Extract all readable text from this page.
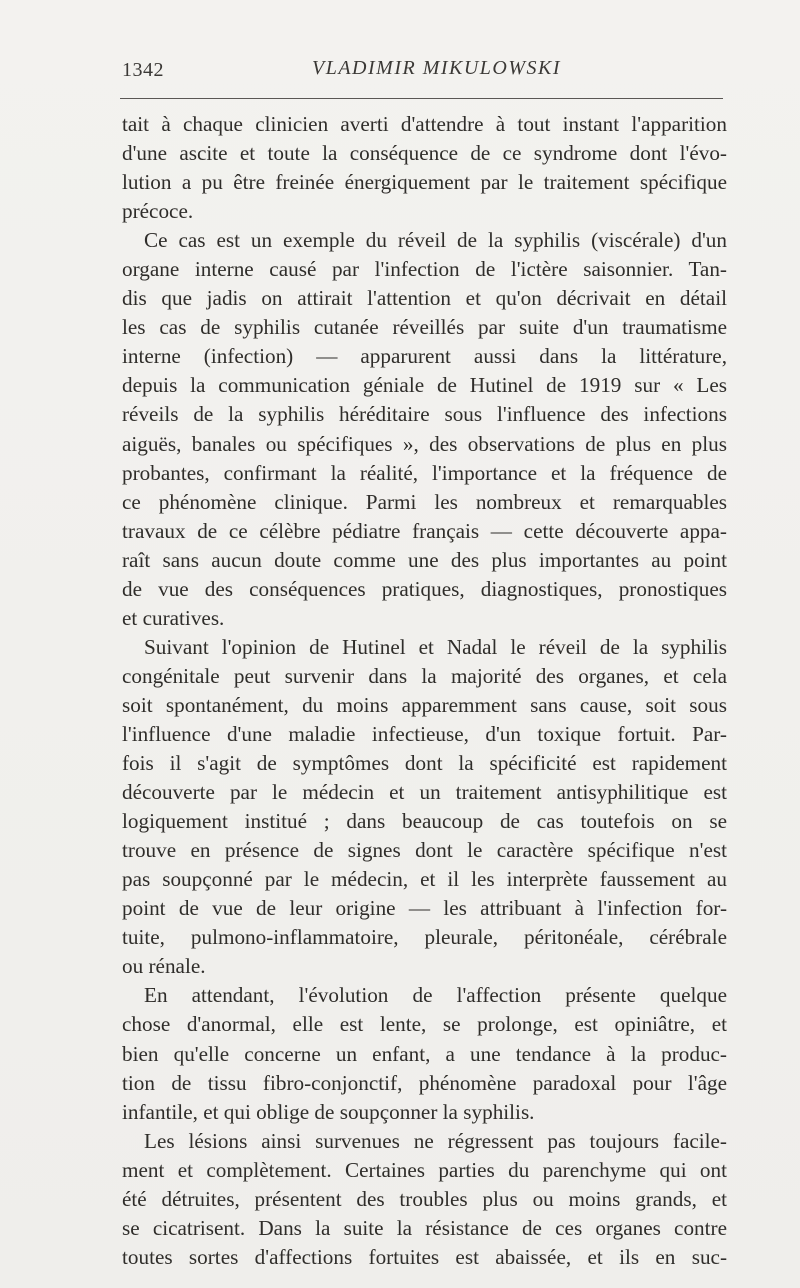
1342	VLADIMIR MIKULOWSKI
tait à chaque clinicien averti d'attendre à tout instant l'apparition
d'une ascite et toute la conséquence de ce syndrome dont l'évo-
lution a pu être freinée énergiquement par le traitement spécifique
précoce.
Ce cas est un exemple du réveil de la syphilis (viscérale) d'un
organe interne causé par l'infection de l'ictère saisonnier. Tan-
dis que jadis on attirait l'attention et qu'on décrivait en détail
les cas de syphilis cutanée réveillés par suite d'un traumatisme
interne (infection) — apparurent aussi dans la littérature,
depuis la communication géniale de Hutinel de 1919 sur « Les
réveils de la syphilis héréditaire sous l'influence des infections
aiguës, banales ou spécifiques », des observations de plus en plus
probantes, confirmant la réalité, l'importance et la fréquence de
ce phénomène clinique. Parmi les nombreux et remarquables
travaux de ce célèbre pédiatre français — cette découverte appa-
raît sans aucun doute comme une des plus importantes au point
de vue des conséquences pratiques, diagnostiques, pronostiques
et curatives.
Suivant l'opinion de Hutinel et Nadal le réveil de la syphilis
congénitale peut survenir dans la majorité des organes, et cela
soit spontanément, du moins apparemment sans cause, soit sous
l'influence d'une maladie infectieuse, d'un toxique fortuit. Par-
fois il s'agit de symptômes dont la spécificité est rapidement
découverte par le médecin et un traitement antisyphilitique est
logiquement institué ; dans beaucoup de cas toutefois on se
trouve en présence de signes dont le caractère spécifique n'est
pas soupçonné par le médecin, et il les interprète faussement au
point de vue de leur origine — les attribuant à l'infection for-
tuite, pulmono-inflammatoire, pleurale, péritonéale, cérébrale
ou rénale.
En attendant, l'évolution de l'affection présente quelque
chose d'anormal, elle est lente, se prolonge, est opiniâtre, et
bien qu'elle concerne un enfant, a une tendance à la produc-
tion de tissu fibro-conjonctif, phénomène paradoxal pour l'âge
infantile, et qui oblige de soupçonner la syphilis.
Les lésions ainsi survenues ne régressent pas toujours facile-
ment et complètement. Certaines parties du parenchyme qui ont
été détruites, présentent des troubles plus ou moins grands, et
se cicatrisent. Dans la suite la résistance de ces organes contre
toutes sortes d'affections fortuites est abaissée, et ils en suc-
